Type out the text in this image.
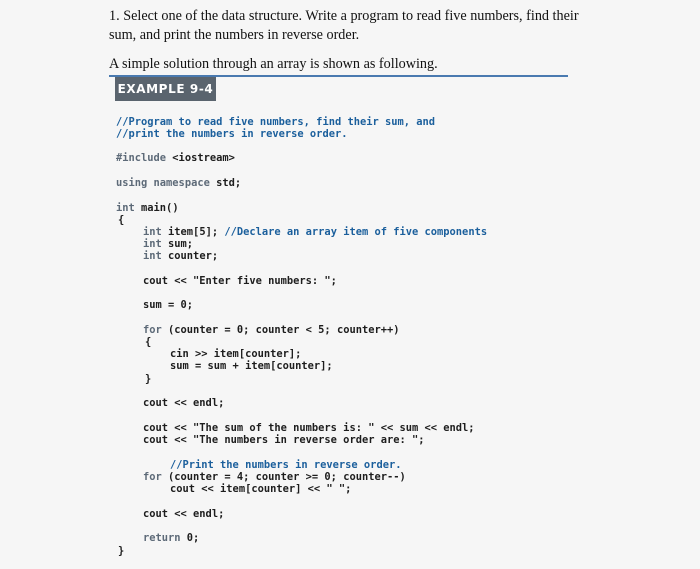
1. Select one of the data structure. Write a program to read five numbers, find their
sum, and print the numbers in reverse order.
A simple solution through an array is shown as following.
EXAMPLE 9-4
//Program to read five numbers, find their sum, and
//print the numbers in reverse order.
#include <iostream>
using namespace std;
int main()
{
int item[5]; //Declare an array item of five components
int sum;
int counter;
cout << "Enter five numbers: ";
sum = 0;
for (counter = 0; counter < 5; counter++)
{
cin >> item[counter];
sum = sum + item[counter];
}
cout << endl;
cout << "The sum of the numbers is: " << sum << endl;
cout << "The numbers in reverse order are: ";
//Print the numbers in reverse order.
for (counter = 4; counter >= 0; counter--)
cout << item[counter] << " ";
cout << endl;
return 0;
}
